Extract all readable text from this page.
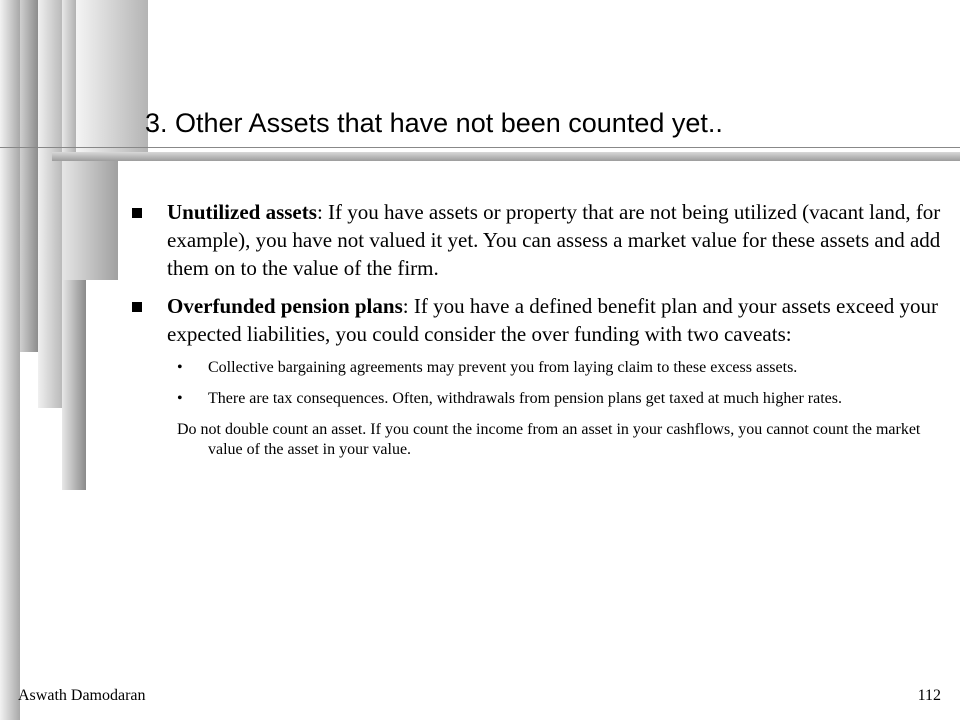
3. Other Assets that have not been counted yet..
Unutilized assets: If you have assets or property that are not being utilized (vacant land, for example), you have not valued it yet. You can assess a market value for these assets and add them on to the value of the firm.
Overfunded pension plans: If you have a defined benefit plan and your assets exceed your expected liabilities, you could consider the over funding with two caveats:
• Collective bargaining agreements may prevent you from laying claim to these excess assets.
• There are tax consequences. Often, withdrawals from pension plans get taxed at much higher rates.
Do not double count an asset. If you count the income from an asset in your cashflows, you cannot count the market value of the asset in your value.
Aswath Damodaran	112
